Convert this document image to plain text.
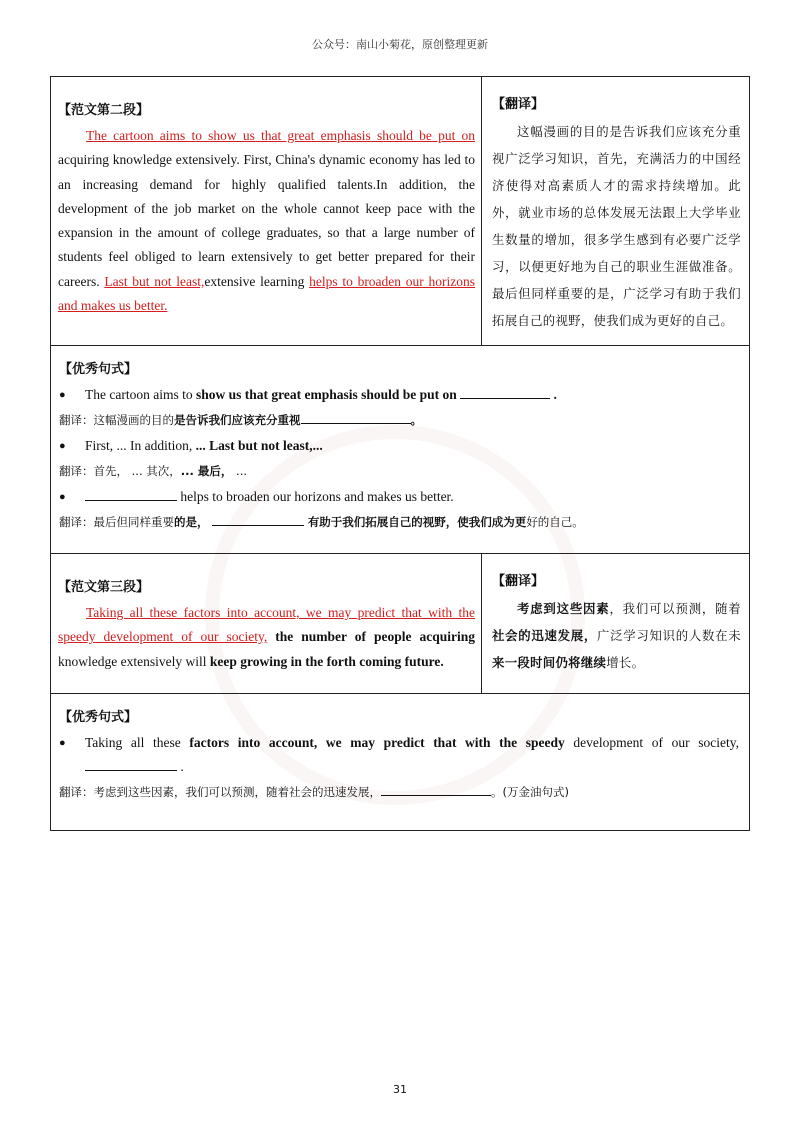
公众号：南山小菊花，原创整理更新
【范文第二段】

The cartoon aims to show us that great emphasis should be put on acquiring knowledge extensively. First, China's dynamic economy has led to an increasing demand for highly qualified talents.In addition, the development of the job market on the whole cannot keep pace with the expansion in the amount of college graduates, so that a large number of students feel obliged to learn extensively to get better prepared for their careers. Last but not least,extensive learning helps to broaden our horizons and makes us better.

【翻译】

这幅漫画的目的是告诉我们应该充分重视广泛学习知识，首先，充满活力的中国经济使得对高素质人才的需求持续增加。此外，就业市场的总体发展无法跟上大学毕业生数量的增加，很多学生感到有必要广泛学习，以便更好地为自己的职业生涯做准备。最后但同样重要的是，广泛学习有助于我们拓展自己的视野，使我们成为更好的自己。

【优秀句式】
●	The cartoon aims to show us that great emphasis should be put on	.
翻译：这幅漫画的目的是告诉我们应该充分重视	。
●	First, ... In addition, ... Last but not least,...
翻译：首先， ... 其次，... 最后， ...
●	helps to broaden our horizons and makes us better.
翻译：最后但同样重要的是，	有助于我们拓展自己的视野，使我们成为更好的自己。
【范文第三段】

Taking all these factors into account, we may predict that with the speedy development of our society, the number of people acquiring knowledge extensively will keep growing in the forth coming future.

【翻译】

考虑到这些因素，我们可以预测，随着社会的迅速发展，广泛学习知识的人数在未来一段时间仍将继续增长。

【优秀句式】
●	Taking all these factors into account, we may predict that with the speedy development of our society, .
翻译：考虑到这些因素，我们可以预测，随着社会的迅速发展，	。(万金油句式)
31
